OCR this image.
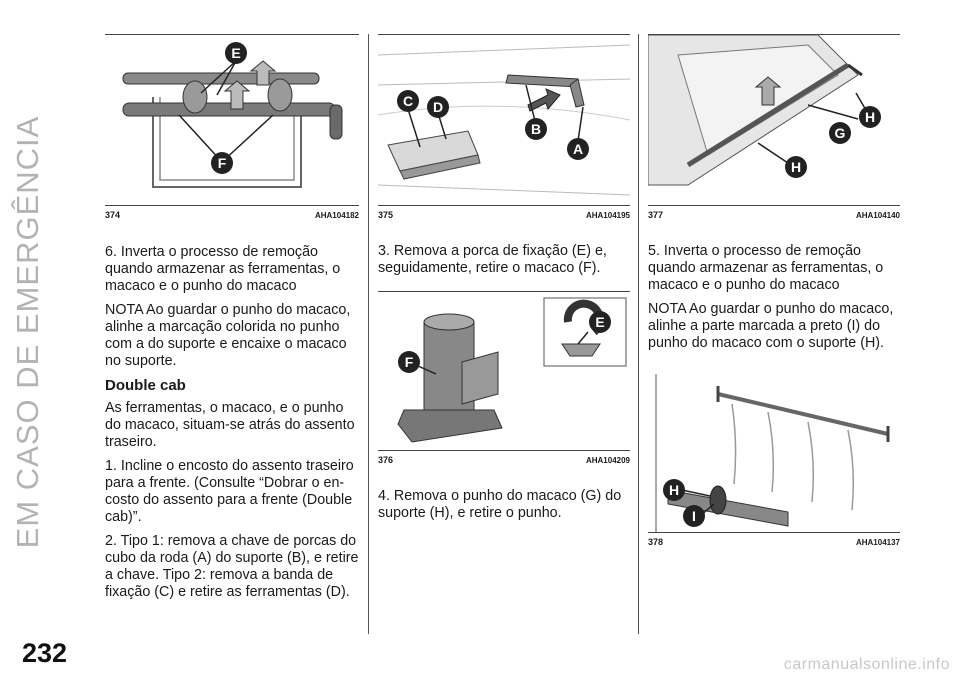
EM CASO DE EMERGÊNCIA
232
E
F
374	AHA104182

6. Inverta o processo de remoção quando armazenar as ferramentas, o macaco e o punho do macaco

NOTA Ao guardar o punho do macaco, alinhe a marcação colorida no punho com a do suporte e encaixe o macaco no suporte.

Double cab

As ferramentas, o macaco, e o punho do macaco, situam-se atrás do assento traseiro.

1. Incline o encosto do assento traseiro para a frente. (Consulte “Dobrar o en-costo do assento para a frente (Double cab)”.

2. Tipo 1: remova a chave de porcas do cubo da roda (A) do suporte (B), e retire a chave. Tipo 2: remova a banda de fixação (C) e retire as ferramentas (D).

C D
B
A
375	AHA104195

3. Remova a porca de fixação (E) e, seguidamente, retire o macaco (F).

F
E
376	AHA104209

4. Remova o punho do macaco (G) do suporte (H), e retire o punho.

H
G
H
377	AHA104140

5. Inverta o processo de remoção quando armazenar as ferramentas, o macaco e o punho do macaco

NOTA Ao guardar o punho do macaco, alinhe a parte marcada a preto (I) do punho do macaco com o suporte (H).

H
I
378	AHA104137
carmanualsonline.info
